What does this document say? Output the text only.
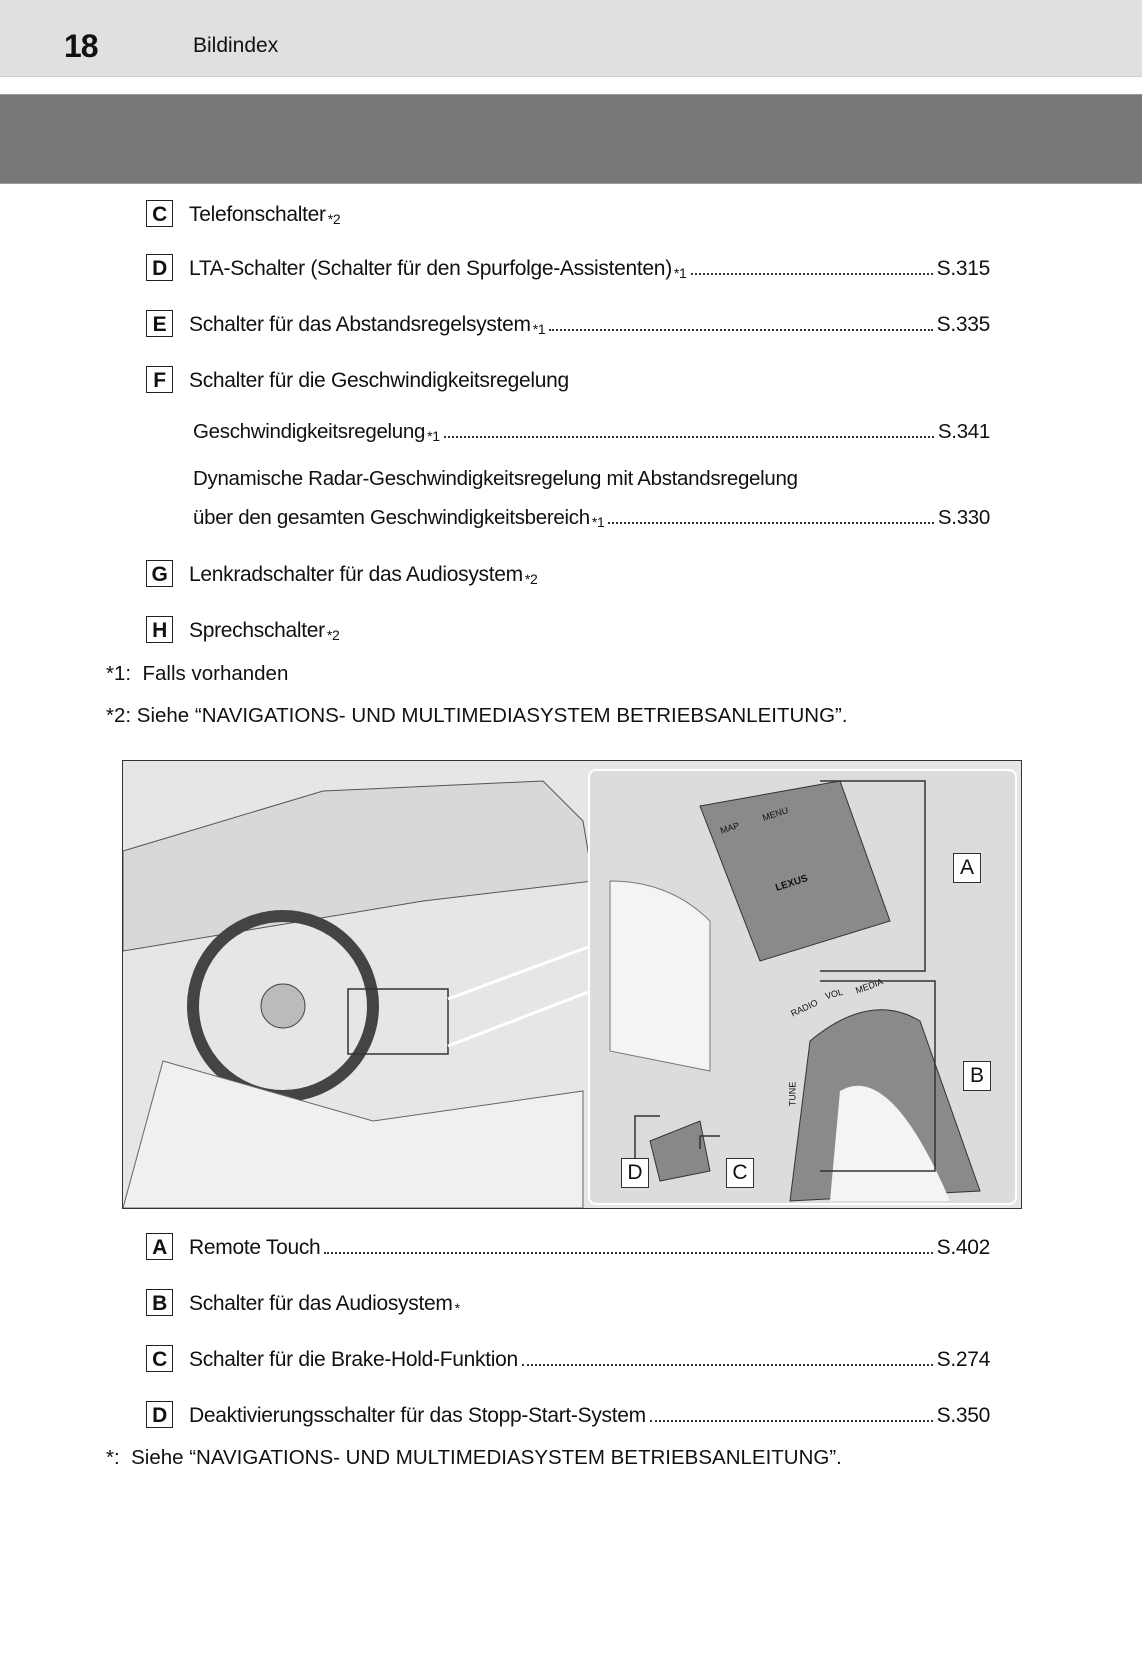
18	Bildindex
C Telefonschalter *2
D LTA-Schalter (Schalter für den Spurfolge-Assistenten) *1	S.315
E	Schalter für das Abstandsregelsystem *1	S.335
F	Schalter für die Geschwindigkeitsregelung
Geschwindigkeitsregelung *1	S.341
Dynamische Radar-Geschwindigkeitsregelung mit Abstandsregelung
über den gesamten Geschwindigkeitsbereich *1	S.330
G Lenkradschalter für das Audiosystem *2
H Sprechschalter *2
*1: Falls vorhanden
*2: Siehe “NAVIGATIONS- UND MULTIMEDIASYSTEM BETRIEBSANLEITUNG”.
MAP
MENU
LEXUS
RADIO
VOL MEDIA
TUNE
A
B
C
D
A Remote Touch	S.402
B Schalter für das Audiosystem *
C Schalter für die Brake-Hold-Funktion	S.274
D Deaktivierungsschalter für das Stopp-Start-System	S.350
*: Siehe “NAVIGATIONS- UND MULTIMEDIASYSTEM BETRIEBSANLEITUNG”.
